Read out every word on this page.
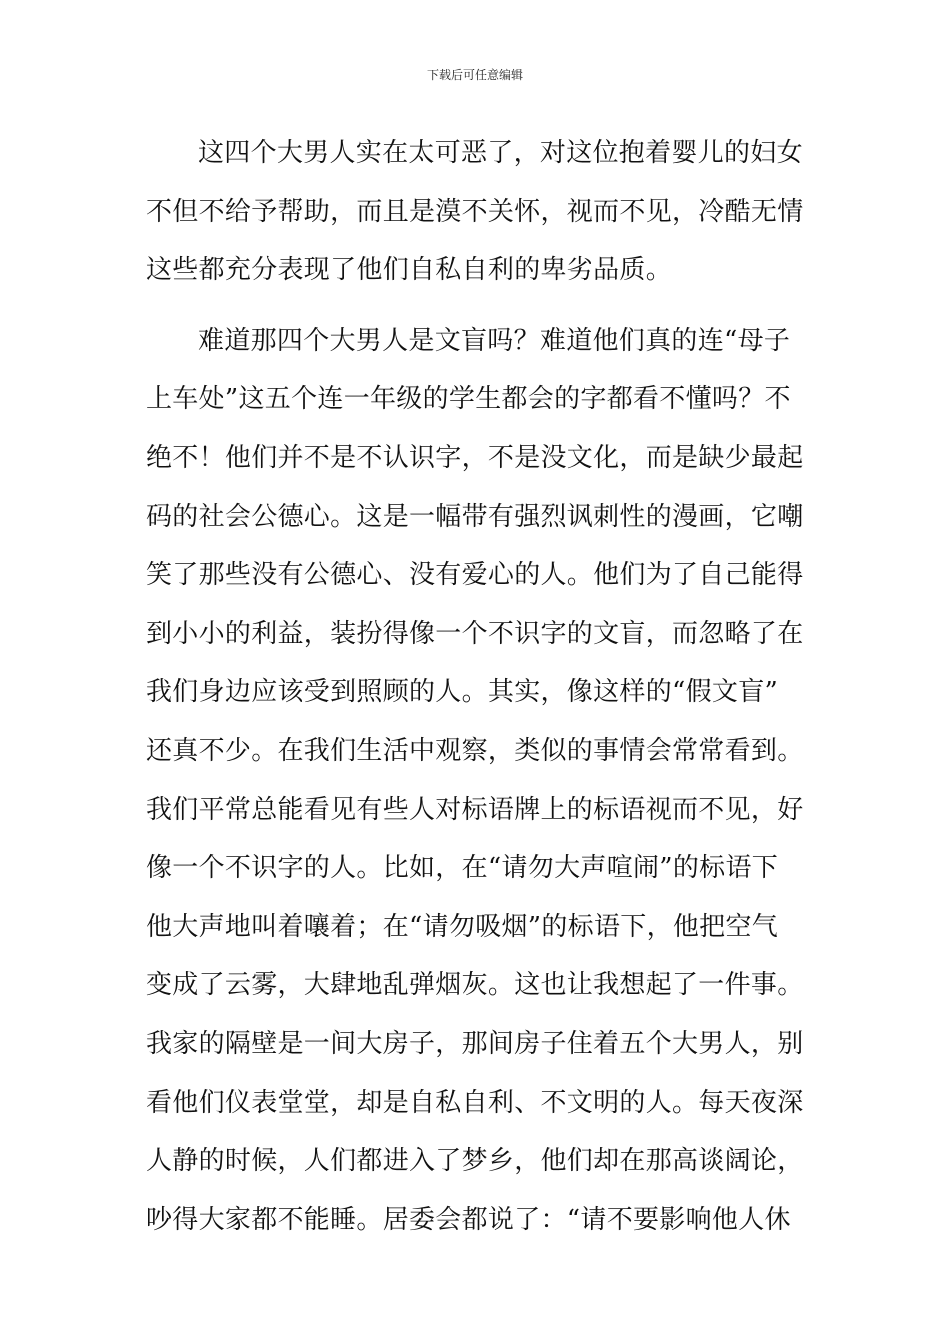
下载后可任意编辑
这四个大男人实在太可恶了，对这位抱着婴儿的妇女
不但不给予帮助，而且是漠不关怀，视而不见，冷酷无情
这些都充分表现了他们自私自利的卑劣品质。
难道那四个大男人是文盲吗？难道他们真的连“母子
上车处”这五个连一年级的学生都会的字都看不懂吗？不
绝不！他们并不是不认识字，不是没文化，而是缺少最起
码的社会公德心。这是一幅带有强烈讽刺性的漫画，它嘲
笑了那些没有公德心、没有爱心的人。他们为了自己能得
到小小的利益，装扮得像一个不识字的文盲，而忽略了在
我们身边应该受到照顾的人。其实，像这样的“假文盲”
还真不少。在我们生活中观察，类似的事情会常常看到。
我们平常总能看见有些人对标语牌上的标语视而不见，好
像一个不识字的人。比如，在“请勿大声喧闹”的标语下
他大声地叫着嚷着；在“请勿吸烟”的标语下，他把空气
变成了云雾，大肆地乱弹烟灰。这也让我想起了一件事。
我家的隔壁是一间大房子，那间房子住着五个大男人，别
看他们仪表堂堂，却是自私自利、不文明的人。每天夜深
人静的时候，人们都进入了梦乡，他们却在那高谈阔论，
吵得大家都不能睡。居委会都说了：“请不要影响他人休
